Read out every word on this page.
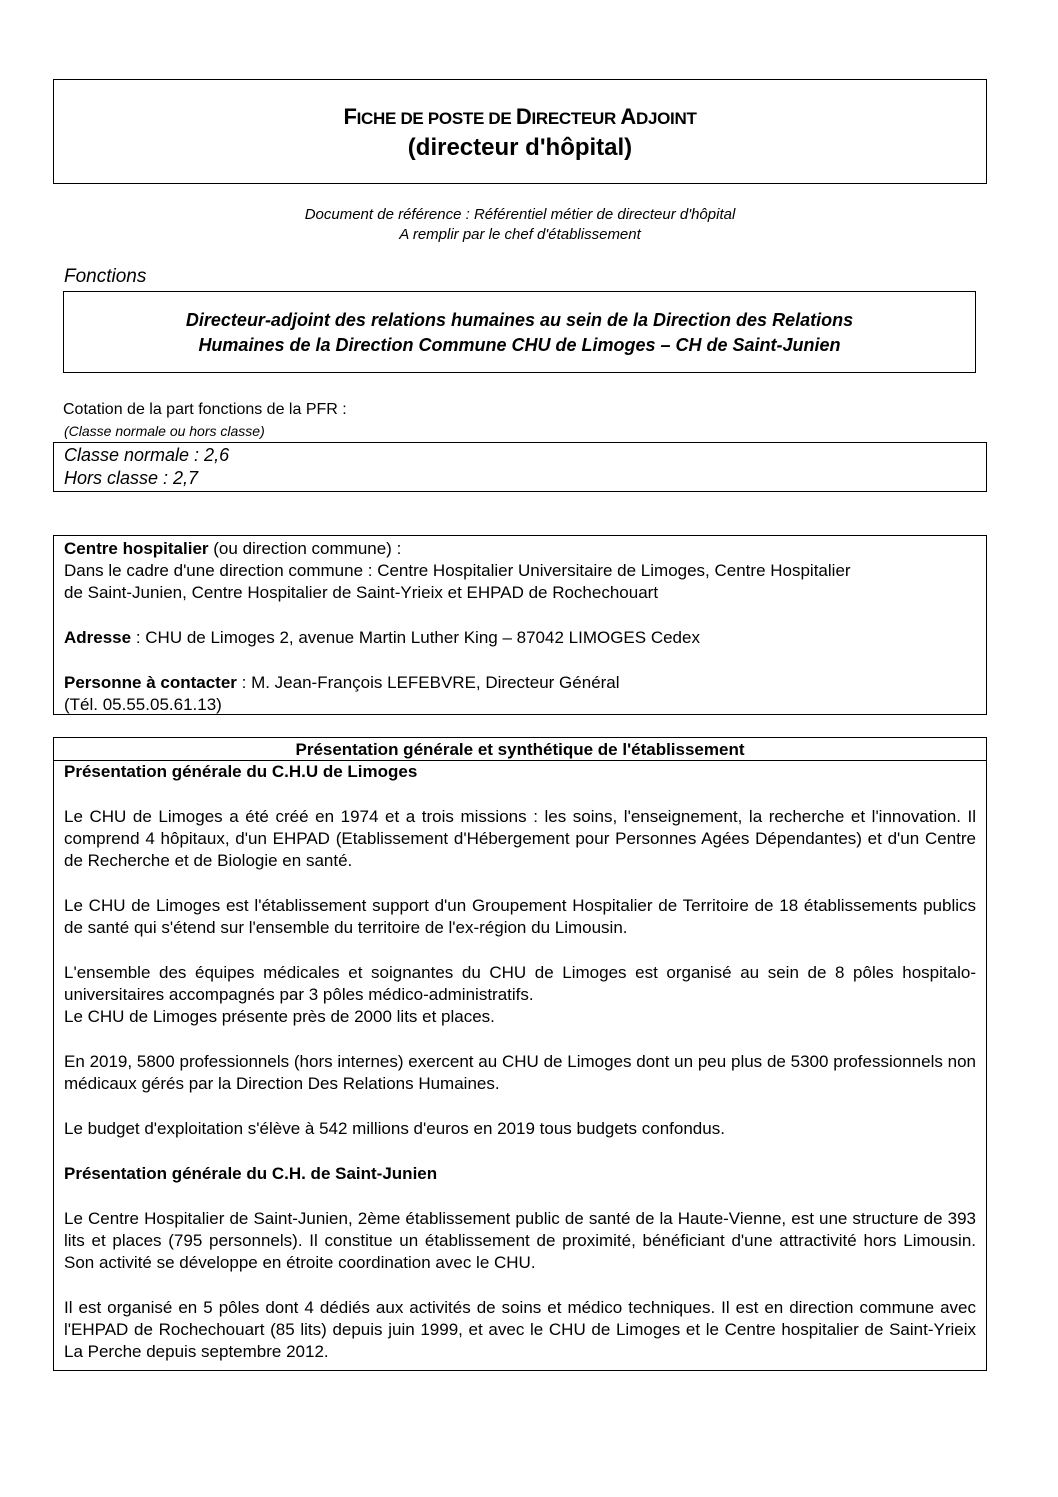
FICHE DE POSTE DE DIRECTEUR ADJOINT
(directeur d'hôpital)
Document de référence : Référentiel métier de directeur d'hôpital
A remplir par le chef d'établissement
Fonctions
Directeur-adjoint des relations humaines au sein de la Direction des Relations
Humaines de la Direction Commune CHU de Limoges – CH de Saint-Junien
Cotation de la part fonctions de la PFR :
(Classe normale ou hors classe)
Classe normale : 2,6
Hors classe : 2,7

Centre hospitalier (ou direction commune) :

Dans le cadre d'une direction commune : Centre Hospitalier Universitaire de Limoges, Centre Hospitalier

de Saint-Junien, Centre Hospitalier de Saint-Yrieix et EHPAD de Rochechouart

Adresse : CHU de Limoges 2, avenue Martin Luther King – 87042 LIMOGES Cedex

Personne à contacter : M. Jean-François LEFEBVRE, Directeur Général

(Tél. 05.55.05.61.13)

Présentation générale et synthétique de l'établissement

Présentation générale du C.H.U de Limoges

Le CHU de Limoges a été créé en 1974 et a trois missions : les soins, l'enseignement, la recherche et l'innovation. Il comprend 4 hôpitaux, d'un EHPAD (Etablissement d'Hébergement pour Personnes Agées Dépendantes) et d'un Centre de Recherche et de Biologie en santé.

Le CHU de Limoges est l'établissement support d'un Groupement Hospitalier de Territoire de 18 établissements publics de santé qui s'étend sur l'ensemble du territoire de l'ex-région du Limousin.

L'ensemble des équipes médicales et soignantes du CHU de Limoges est organisé au sein de 8 pôles hospitalo-universitaires accompagnés par 3 pôles médico-administratifs.

Le CHU de Limoges présente près de 2000 lits et places.

En 2019, 5800 professionnels (hors internes) exercent au CHU de Limoges dont un peu plus de 5300 professionnels non médicaux gérés par la Direction Des Relations Humaines.

Le budget d'exploitation s'élève à 542 millions d'euros en 2019 tous budgets confondus.

Présentation générale du C.H. de Saint-Junien

Le Centre Hospitalier de Saint-Junien, 2ème établissement public de santé de la Haute-Vienne, est une structure de 393 lits et places (795 personnels). Il constitue un établissement de proximité, bénéficiant d'une attractivité hors Limousin. Son activité se développe en étroite coordination avec le CHU.

Il est organisé en 5 pôles dont 4 dédiés aux activités de soins et médico techniques. Il est en direction commune avec l'EHPAD de Rochechouart (85 lits) depuis juin 1999, et avec le CHU de Limoges et le Centre hospitalier de Saint-Yrieix La Perche depuis septembre 2012.
